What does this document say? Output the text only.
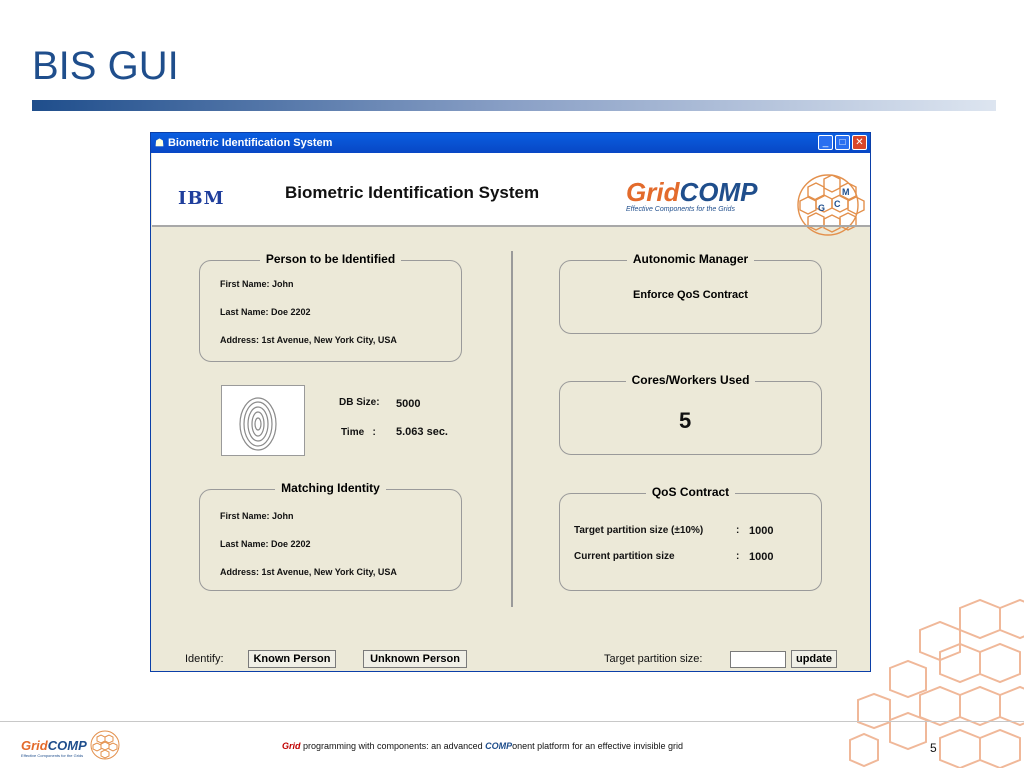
BIS GUI
☗ Biometric Identification System	_	□ ✕
IBM	Biometric Identification System	GridCOMP
Effective Components for the Grids
M
G C
Person to be Identified
First Name: John
Last Name: Doe 2202
Address: 1st Avenue, New York City, USA
DB Size: 5000
Time   : 5.063 sec.
Matching Identity
First Name: John
Last Name: Doe 2202
Address: 1st Avenue, New York City, USA
Autonomic Manager
Enforce QoS Contract
Cores/Workers Used
5
QoS Contract
Target partition size (±10%)	: 1000
Current partition size	: 1000
Identify:	Known Person	Unknown Person	Target partition size:	update
GridCOMP
Effective Components for the Grids
Grid programming with components: an advanced COMPonent platform for an effective invisible grid	5
